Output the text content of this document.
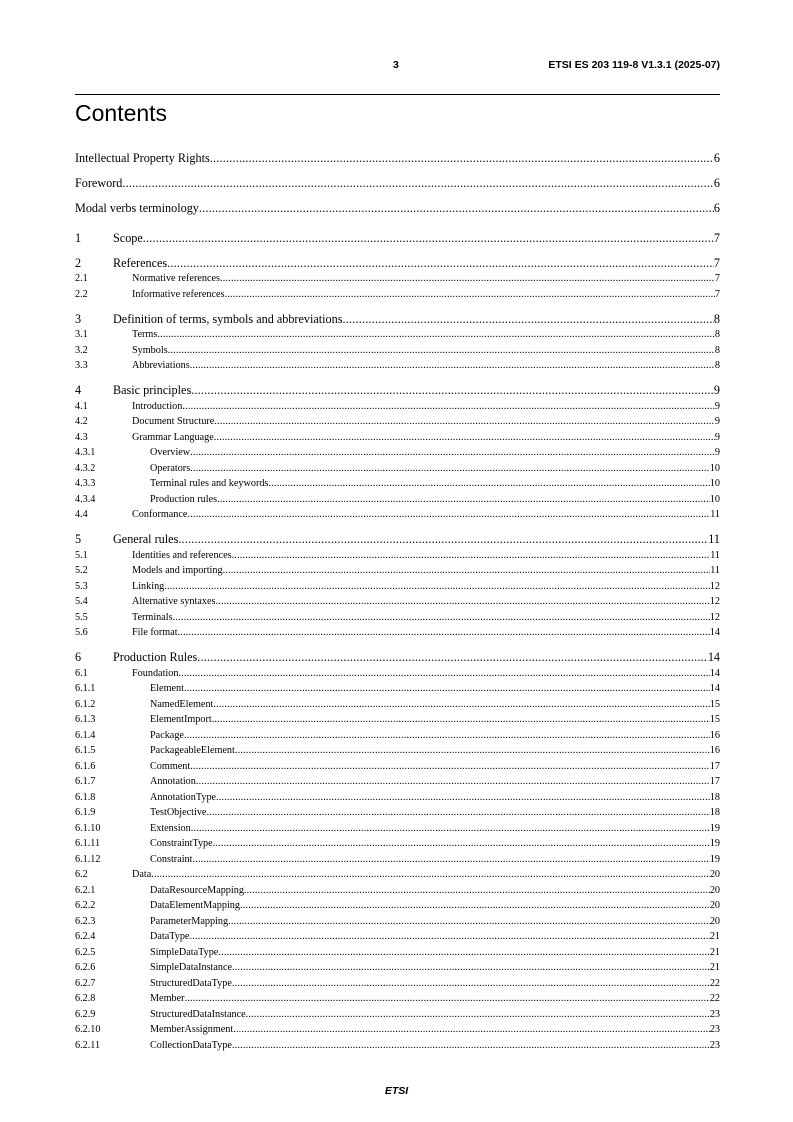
3	ETSI ES 203 119-8 V1.3.1 (2025-07)
Contents
Intellectual Property Rights .....	6
Foreword .....	6
Modal verbs terminology .....	6
1	Scope .....	7
2	References .....	7
2.1	Normative references .....	7
2.2	Informative references .....	7
3	Definition of terms, symbols and abbreviations .....	8
3.1	Terms .....	8
3.2	Symbols .....	8
3.3	Abbreviations .....	8
4	Basic principles .....	9
4.1	Introduction .....	9
4.2	Document Structure .....	9
4.3	Grammar Language .....	9
4.3.1	Overview .....	9
4.3.2	Operators .....	10
4.3.3	Terminal rules and keywords .....	10
4.3.4	Production rules .....	10
4.4	Conformance .....	11
5	General rules .....	11
5.1	Identities and references .....	11
5.2	Models and importing .....	11
5.3	Linking .....	12
5.4	Alternative syntaxes .....	12
5.5	Terminals .....	12
5.6	File format .....	14
6	Production Rules .....	14
6.1	Foundation .....	14
6.1.1	Element .....	14
6.1.2	NamedElement .....	15
6.1.3	ElementImport .....	15
6.1.4	Package .....	16
6.1.5	PackageableElement .....	16
6.1.6	Comment .....	17
6.1.7	Annotation .....	17
6.1.8	AnnotationType .....	18
6.1.9	TestObjective .....	18
6.1.10	Extension .....	19
6.1.11	ConstraintType .....	19
6.1.12	Constraint .....	19
6.2	Data .....	20
6.2.1	DataResourceMapping .....	20
6.2.2	DataElementMapping .....	20
6.2.3	ParameterMapping .....	20
6.2.4	DataType .....	21
6.2.5	SimpleDataType .....	21
6.2.6	SimpleDataInstance .....	21
6.2.7	StructuredDataType .....	22
6.2.8	Member .....	22
6.2.9	StructuredDataInstance .....	23
6.2.10	MemberAssignment .....	23
6.2.11	CollectionDataType .....	23
ETSI
